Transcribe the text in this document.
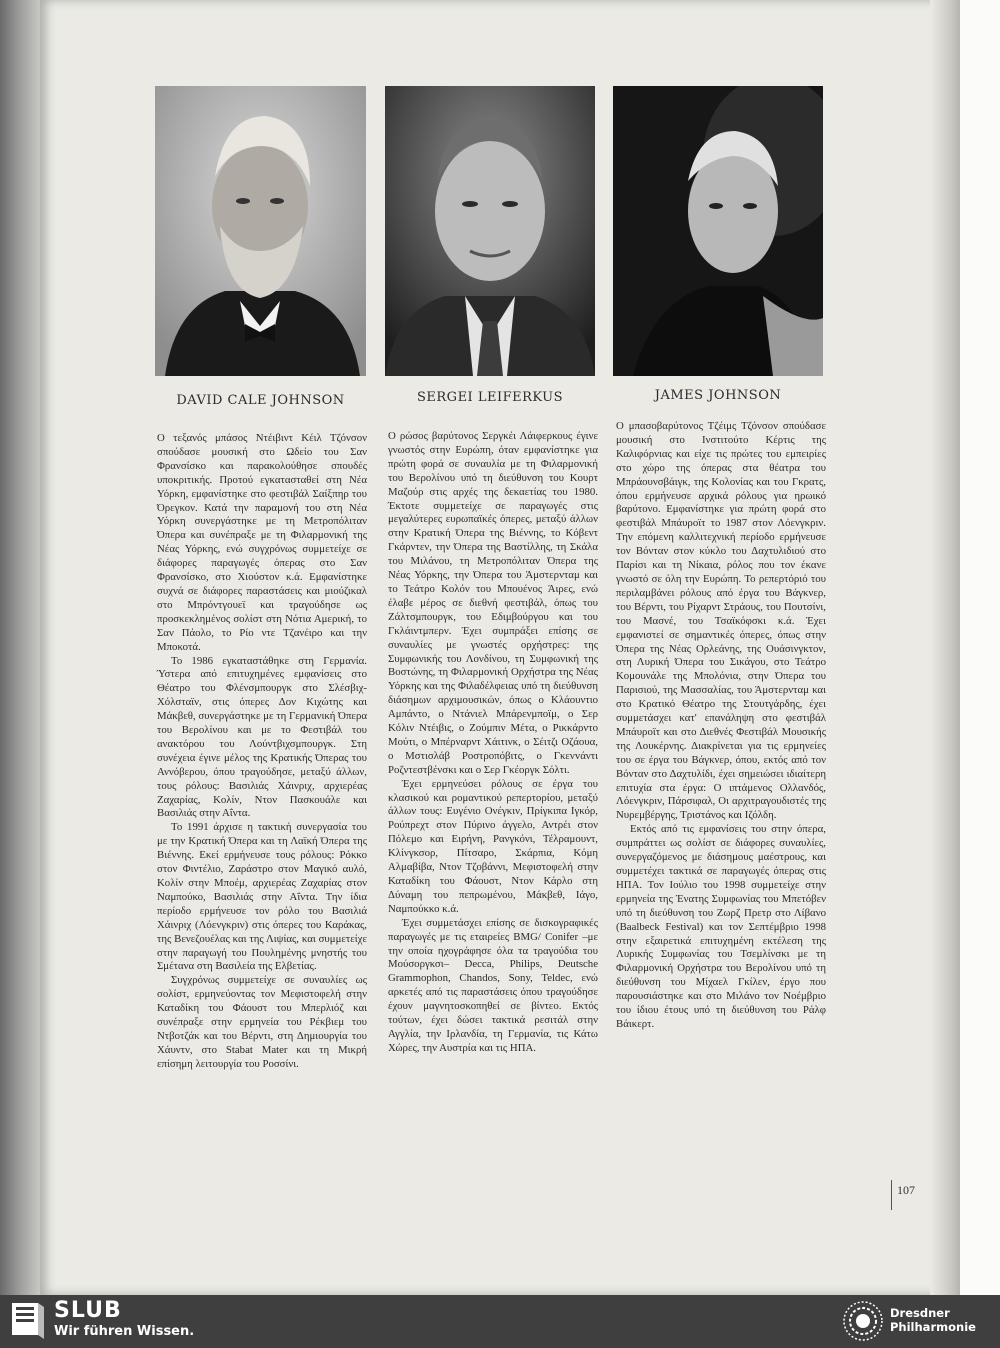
DAVID CALE JOHNSON	SERGEI LEIFERKUS	JAMES JOHNSON

Ο τεξανός μπάσος Ντέιβιντ Κέιλ Τζόνσον σπούδασε μουσική στο Ωδείο του Σαν Φρανσίσκο και παρακολούθησε σπουδές υποκριτικής. Προτού εγκατασταθεί στη Νέα Υόρκη, εμφανίστηκε στο φεστιβάλ Σαίξπηρ του Όρεγκον. Κατά την παραμονή του στη Νέα Υόρκη συνεργάστηκε με τη Μετροπόλιταν Όπερα και συνέπραξε με τη Φιλαρμονική της Νέας Υόρκης, ενώ συγχρόνως συμμετείχε σε διάφορες παραγωγές όπερας στο Σαν Φρανσίσκο, στο Χιούστον κ.ά. Εμφανίστηκε συχνά σε διάφορες παραστάσεις και μιούζικαλ στο Μπρόντγουεϊ και τραγούδησε ως προσκεκλημένος σολίστ στη Νότια Αμερική, το Σαν Πάολο, το Ρίο ντε Τζανέιρο και την Μποκοτά.

Το 1986 εγκαταστάθηκε στη Γερμανία. Ύστερα από επιτυχημένες εμφανίσεις στο Θέατρο του Φλένσμπουργκ στο Σλέσβιχ-Χόλσταϊν, στις όπερες Δον Κιχώτης και Μάκβεθ, συνεργάστηκε με τη Γερμανική Όπερα του Βερολίνου και με το Φεστιβάλ του ανακτόρου του Λούντβιχσμπουργκ. Στη συνέχεια έγινε μέλος της Κρατικής Όπερας του Αννόβερου, όπου τραγούδησε, μεταξύ άλλων, τους ρόλους: Βασιλιάς Χάινριχ, αρχιερέας Ζαχαρίας, Κολίν, Ντον Πασκουάλε και Βασιλιάς στην Αΐντα.

Το 1991 άρχισε η τακτική συνεργασία του με την Κρατική Όπερα και τη Λαϊκή Όπερα της Βιέννης. Εκεί ερμήνευσε τους ρόλους: Ρόκκο στον Φιντέλιο, Ζαράστρο στον Μαγικό αυλό, Κολίν στην Μποέμ, αρχιερέας Ζαχαρίας στον Ναμπούκο, Βασιλιάς στην Αΐντα. Την ίδια περίοδο ερμήνευσε τον ρόλο του Βασιλιά Χάινριχ (Λόενγκριν) στις όπερες του Καράκας, της Βενεζουέλας και της Λιψίας, και συμμετείχε στην παραγωγή του Πουλημένης μνηστής του Σμέτανα στη Βασιλεία της Ελβετίας.

Συγχρόνως συμμετείχε σε συναυλίες ως σολίστ, ερμηνεύοντας τον Μεφιστοφελή στην Καταδίκη του Φάουστ του Μπερλιόζ και συνέπραξε στην ερμηνεία του Ρέκβιεμ του Ντβοτζάκ και του Βέρντι, στη Δημιουργία του Χάυντν, στο Stabat Mater και τη Μικρή επίσημη λειτουργία του Ροσσίνι.

Ο ρώσος βαρύτονος Σεργκέι Λάιφερκους έγινε γνωστός στην Ευρώπη, όταν εμφανίστηκε για πρώτη φορά σε συναυλία με τη Φιλαρμονική του Βερολίνου υπό τη διεύθυνση του Κουρτ Μαζούρ στις αρχές της δεκαετίας του 1980. Έκτοτε συμμετείχε σε παραγωγές στις μεγαλύτερες ευρωπαϊκές όπερες, μεταξύ άλλων στην Κρατική Όπερα της Βιέννης, το Κόβεντ Γκάρντεν, την Όπερα της Βαστίλλης, τη Σκάλα του Μιλάνου, τη Μετροπόλιταν Όπερα της Νέας Υόρκης, την Όπερα του Άμστερνταμ και το Τεάτρο Κολόν του Μπουένος Άιρες, ενώ έλαβε μέρος σε διεθνή φεστιβάλ, όπως του Ζάλτσμπουργκ, του Εδιμβούργου και του Γκλάιντμπερν. Έχει συμπράξει επίσης σε συναυλίες με γνωστές ορχήστρες: της Συμφωνικής του Λονδίνου, τη Συμφωνική της Βοστώνης, τη Φιλαρμονική Ορχήστρα της Νέας Υόρκης και της Φιλαδέλφειας υπό τη διεύθυνση διάσημων αρχιμουσικών, όπως ο Κλάουντιο Αμπάντο, ο Ντάνιελ Μπάρενμποϊμ, ο Σερ Κόλιν Ντέιβις, ο Ζούμπιν Μέτα, ο Ρικκάρντο Μούτι, ο Μπέρναρντ Χάιτινκ, ο Σέιτζι Οζάουα, ο Μστισλάβ Ροστροπόβιτς, ο Γκενvάντι Ροζντεστβένσκι και ο Σερ Γκέοργκ Σόλτι.

Έχει ερμηνεύσει ρόλους σε έργα του κλασικού και ρομαντικού ρεπερτορίου, μεταξύ άλλων τους: Ευγένιο Ονέγκιν, Πρίγκιπα Ιγκόρ, Ρούπρεχτ στον Πύρινο άγγελο, Αντρέι στον Πόλεμο και Ειρήνη, Ρανγκόνι, Τέλραμουντ, Κλίνγκσορ, Πίτσαρο, Σκάρπια, Κόμη Αλμαβίβα, Ντον Τζοβάννι, Μεφιστοφελή στην Καταδίκη του Φάουστ, Ντον Κάρλο στη Δύναμη του πεπρωμένου, Μάκβεθ, Ιάγο, Ναμπούκκο κ.ά.

Έχει συμμετάσχει επίσης σε δισκογραφικές παραγωγές με τις εταιρείες BMG/ Conifer –με την οποία ηχογράφησε όλα τα τραγούδια του Μούσοργκσι– Decca, Philips, Deutsche Grammophon, Chandos, Sony, Teldec, ενώ αρκετές από τις παραστάσεις όπου τραγούδησε έχουν μαγνητοσκοπηθεί σε βίντεο. Εκτός τούτων, έχει δώσει τακτικά ρεσιτάλ στην Αγγλία, την Ιρλανδία, τη Γερμανία, τις Κάτω Χώρες, την Αυστρία και τις ΗΠΑ.

Ο μπασοβαρύτονος Τζέιμς Τζόνσον σπούδασε μουσική στο Ινστιτούτο Κέρτις της Καλιφόρνιας και είχε τις πρώτες του εμπειρίες στο χώρο της όπερας στα θέατρα του Μπράουνσβάιγκ, της Κολονίας και του Γκρατς, όπου ερμήνευσε αρχικά ρόλους για ηρωικό βαρύτονο. Εμφανίστηκε για πρώτη φορά στο φεστιβάλ Μπάυροϊτ το 1987 στον Λόενγκριν. Την επόμενη καλλιτεχνική περίοδο ερμήνευσε τον Βόνταν στον κύκλο του Δαχτυλιδιού στο Παρίσι και τη Νίκαια, ρόλος που τον έκανε γνωστό σε όλη την Ευρώπη. Το ρεπερτόριό του περιλαμβάνει ρόλους από έργα του Βάγκνερ, του Βέρντι, του Ρίχαρντ Στράους, του Πουτσίνι, του Μασνέ, του Τσαϊκόφσκι κ.ά. Έχει εμφανιστεί σε σημαντικές όπερες, όπως στην Όπερα της Νέας Ορλεάνης, της Ουάσινγκτον, στη Λυρική Όπερα του Σικάγου, στο Τεάτρο Κομουνάλε της Μπολόνια, στην Όπερα του Παρισιού, της Μασσαλίας, του Άμστερνταμ και στο Κρατικό Θέατρο της Στουτγάρδης, έχει συμμετάσχει κατ' επανάληψη στο φεστιβάλ Μπάυροϊτ και στο Διεθνές Φεστιβάλ Μουσικής της Λουκέρνης. Διακρίνεται για τις ερμηνείες του σε έργα του Βάγκνερ, όπου, εκτός από τον Βόνταν στο Δαχτυλίδι, έχει σημειώσει ιδιαίτερη επιτυχία στα έργα: Ο ιπτάμενος Ολλανδός, Λόενγκριν, Πάρσιφαλ, Οι αρχιτραγουδιστές της Νυρεμβέργης, Τριστάνος και Ιζόλδη.

Εκτός από τις εμφανίσεις του στην όπερα, συμπράττει ως σολίστ σε διάφορες συναυλίες, συνεργαζόμενος με διάσημους μαέστρους, και συμμετέχει τακτικά σε παραγωγές όπερας στις ΗΠΑ. Τον Ιούλιο του 1998 συμμετείχε στην ερμηνεία της Ένατης Συμφωνίας του Μπετόβεν υπό τη διεύθυνση του Ζωρζ Πρετρ στο Λίβανο (Baalbeck Festival) και τον Σεπτέμβριο 1998 στην εξαιρετικά επιτυχημένη εκτέλεση της Λυρικής Συμφωνίας του Τσεμλίνσκι με τη Φιλαρμονική Ορχήστρα του Βερολίνου υπό τη διεύθυνση του Μίχαελ Γκίλεν, έργο που παρουσιάστηκε και στο Μιλάνο τον Νοέμβριο του ίδιου έτους υπό τη διεύθυνση του Ράλφ Βάικερτ.

107
SLUB
Wir führen Wissen.
Dresdner
Philharmonie
